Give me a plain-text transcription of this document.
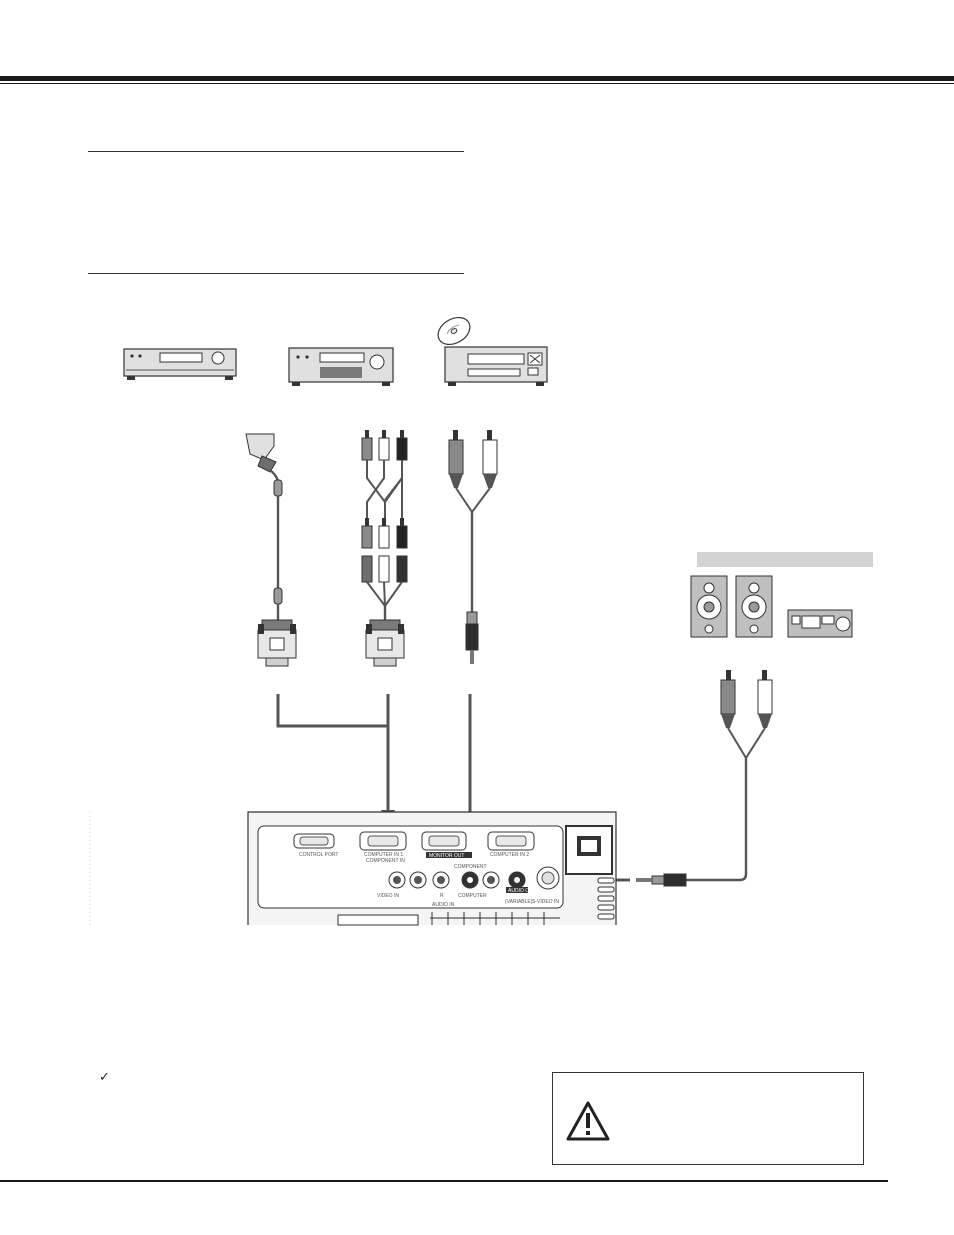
CONTROL PORT	COMPUTER IN 1
COMPONENT IN
MONITOR OUT	COMPUTER IN 2
COMPONENT
VIDEO IN	R	COMPUTER
AUDIO IN
AUDIO OUT
(VARIABLE) S-VIDEO IN
✓
